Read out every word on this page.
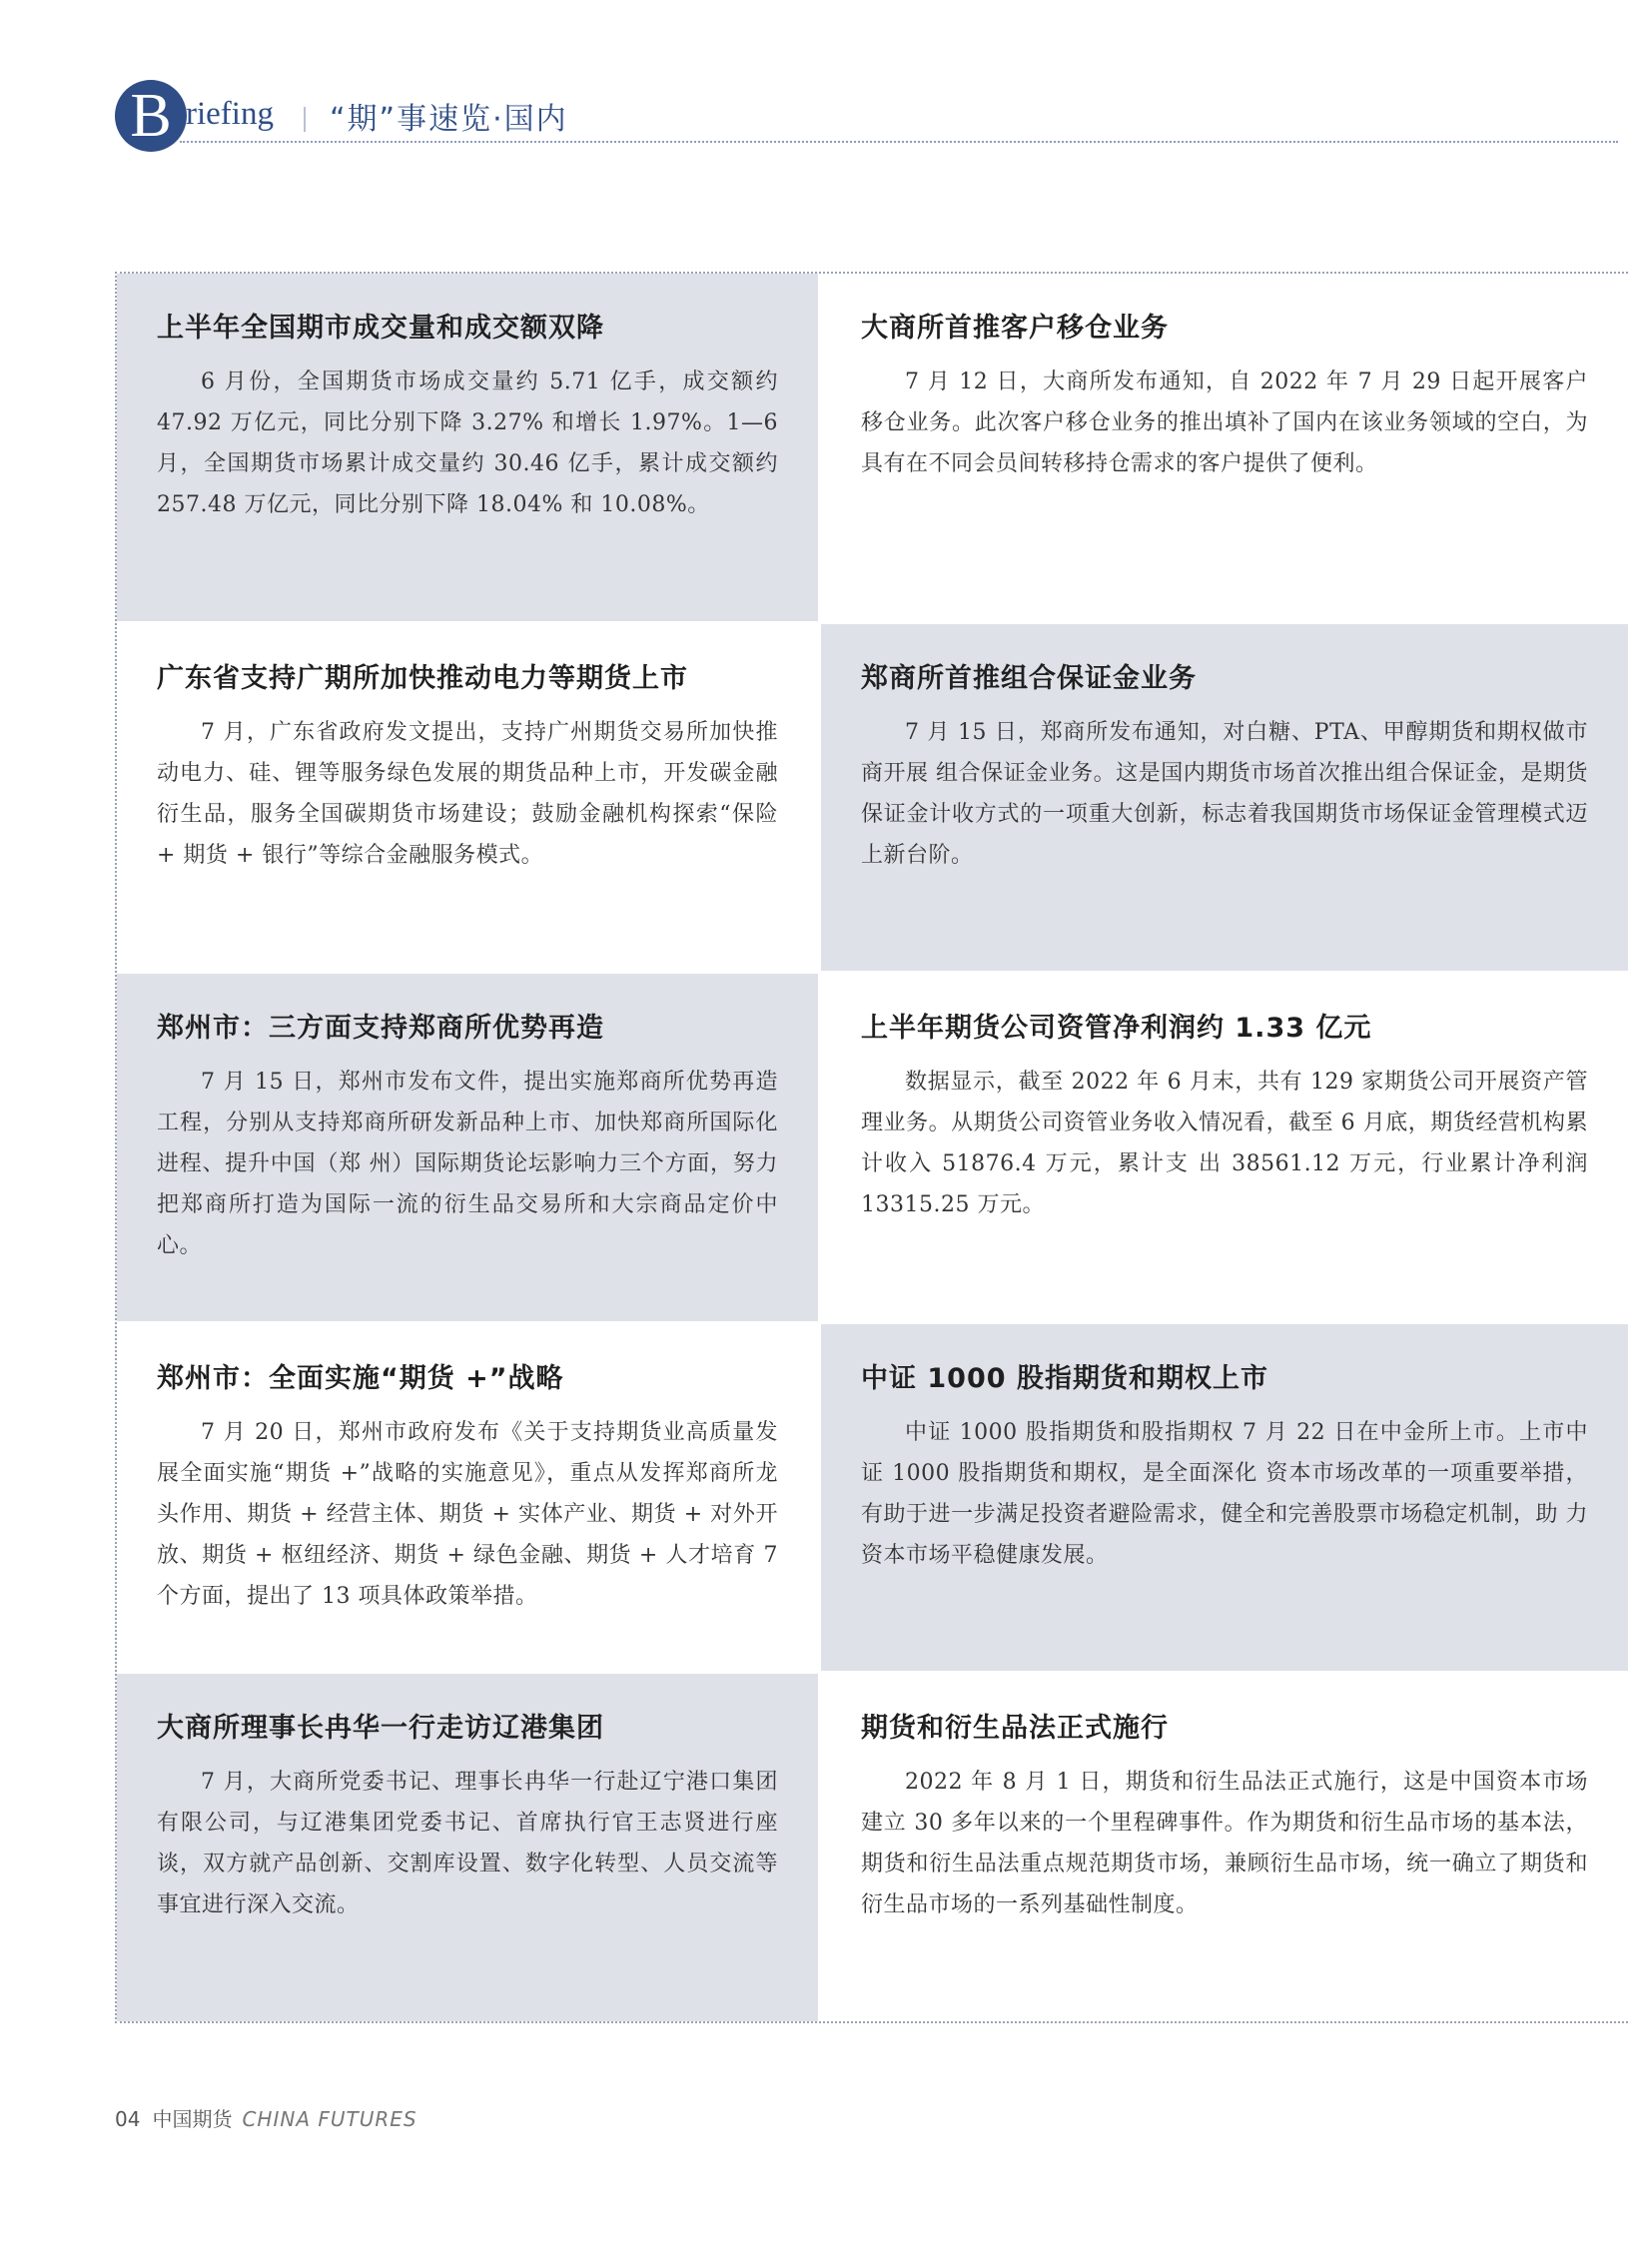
B riefing “期”事速览·国内
上半年全国期市成交量和成交额双降

6 月份，全国期货市场成交量约 5.71 亿手，成交额约 47.92 万亿元，同比分别下降 3.27% 和增长 1.97%。1—6 月，全国期货市场累计成交量约 30.46 亿手，累计成交额约 257.48 万亿元，同比分别下降 18.04% 和 10.08%。

大商所首推客户移仓业务

7 月 12 日，大商所发布通知，自 2022 年 7 月 29 日起开展客户移仓业务。此次客户移仓业务的推出填补了国内在该业务领域的空白，为具有在不同会员间转移持仓需求的客户提供了便利。

广东省支持广期所加快推动电力等期货上市

7 月，广东省政府发文提出，支持广州期货交易所加快推动电力、硅、锂等服务绿色发展的期货品种上市，开发碳金融衍生品，服务全国碳期货市场建设；鼓励金融机构探索“保险 + 期货 + 银行”等综合金融服务模式。

郑商所首推组合保证金业务

7 月 15 日，郑商所发布通知，对白糖、PTA、甲醇期货和期权做市商开展 组合保证金业务。这是国内期货市场首次推出组合保证金，是期货保证金计收方式的一项重大创新，标志着我国期货市场保证金管理模式迈上新台阶。

郑州市：三方面支持郑商所优势再造

7 月 15 日，郑州市发布文件，提出实施郑商所优势再造工程，分别从支持郑商所研发新品种上市、加快郑商所国际化进程、提升中国（郑 州）国际期货论坛影响力三个方面，努力把郑商所打造为国际一流的衍生品交易所和大宗商品定价中心。

上半年期货公司资管净利润约 1.33 亿元

数据显示，截至 2022 年 6 月末，共有 129 家期货公司开展资产管理业务。从期货公司资管业务收入情况看，截至 6 月底，期货经营机构累计收入 51876.4 万元，累计支 出 38561.12 万元，行业累计净利润 13315.25 万元。

郑州市：全面实施“期货 +”战略

7 月 20 日，郑州市政府发布《关于支持期货业高质量发展全面实施“期货 +”战略的实施意见》，重点从发挥郑商所龙头作用、期货 + 经营主体、期货 + 实体产业、期货 + 对外开放、期货 + 枢纽经济、期货 + 绿色金融、期货 + 人才培育 7 个方面，提出了 13 项具体政策举措。

中证 1000 股指期货和期权上市

中证 1000 股指期货和股指期权 7 月 22 日在中金所上市。上市中证 1000 股指期货和期权，是全面深化 资本市场改革的一项重要举措，有助于进一步满足投资者避险需求，健全和完善股票市场稳定机制，助 力资本市场平稳健康发展。

大商所理事长冉华一行走访辽港集团

7 月，大商所党委书记、理事长冉华一行赴辽宁港口集团有限公司，与辽港集团党委书记、首席执行官王志贤进行座谈，双方就产品创新、交割库设置、数字化转型、人员交流等事宜进行深入交流。

期货和衍生品法正式施行

2022 年 8 月 1 日，期货和衍生品法正式施行，这是中国资本市场建立 30 多年以来的一个里程碑事件。作为期货和衍生品市场的基本法，期货和衍生品法重点规范期货市场，兼顾衍生品市场，统一确立了期货和衍生品市场的一系列基础性制度。

04 中国期货 CHINA FUTURES
